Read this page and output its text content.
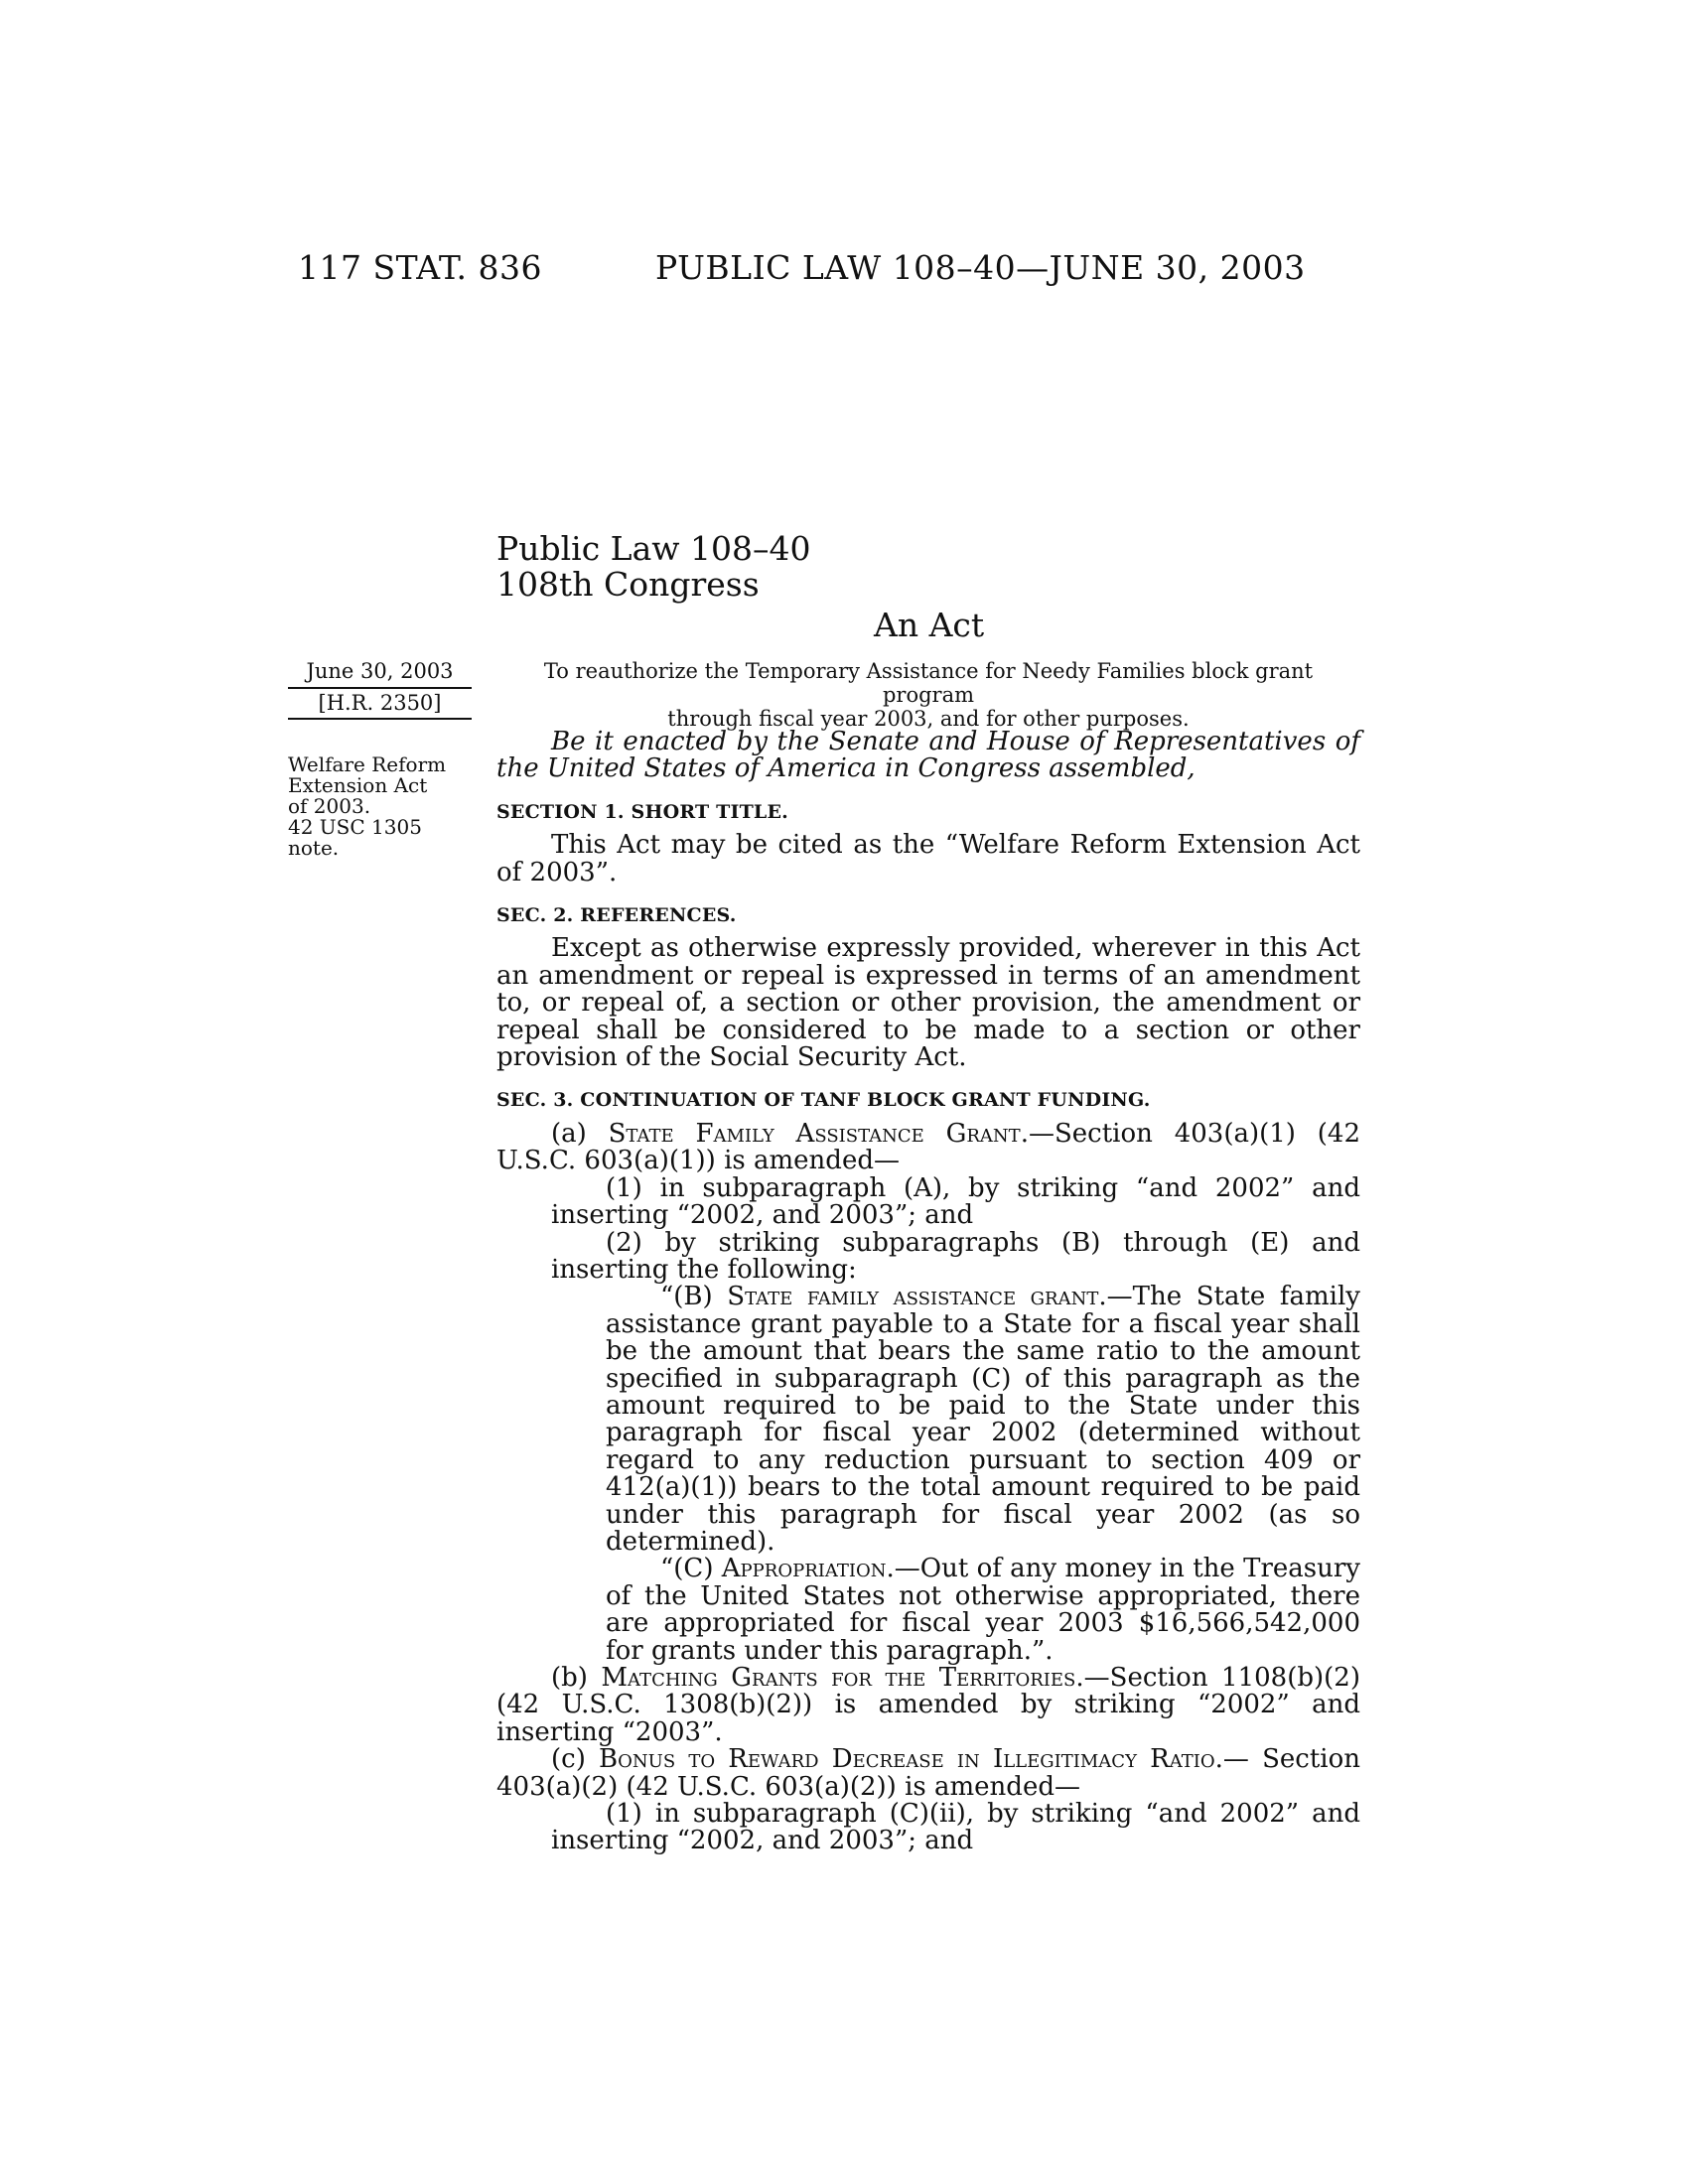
117 STAT. 836	PUBLIC LAW 108–40—JUNE 30, 2003
Public Law 108–40
108th Congress
An Act
June 30, 2003
[H.R. 2350]
Welfare Reform
Extension Act
of 2003.
42 USC 1305
note.
To reauthorize the Temporary Assistance for Needy Families block grant program
through fiscal year 2003, and for other purposes.

Be it enacted by the Senate and House of Representatives of the United States of America in Congress assembled,

SECTION 1. SHORT TITLE.

This Act may be cited as the “Welfare Reform Extension Act of 2003”.

SEC. 2. REFERENCES.

Except as otherwise expressly provided, wherever in this Act an amendment or repeal is expressed in terms of an amendment to, or repeal of, a section or other provision, the amendment or repeal shall be considered to be made to a section or other provision of the Social Security Act.

SEC. 3. CONTINUATION OF TANF BLOCK GRANT FUNDING.

(a) State Family Assistance Grant.—Section 403(a)(1) (42 U.S.C. 603(a)(1)) is amended—

(1) in subparagraph (A), by striking “and 2002” and inserting “2002, and 2003”; and

(2) by striking subparagraphs (B) through (E) and inserting the following:

“(B) State family assistance grant.—The State family assistance grant payable to a State for a fiscal year shall be the amount that bears the same ratio to the amount specified in subparagraph (C) of this paragraph as the amount required to be paid to the State under this paragraph for fiscal year 2002 (determined without regard to any reduction pursuant to section 409 or 412(a)(1)) bears to the total amount required to be paid under this paragraph for fiscal year 2002 (as so determined).

“(C) Appropriation.—Out of any money in the Treasury of the United States not otherwise appropriated, there are appropriated for fiscal year 2003 $16,566,542,000 for grants under this paragraph.”.

(b) Matching Grants for the Territories.—Section 1108(b)(2) (42 U.S.C. 1308(b)(2)) is amended by striking “2002” and inserting “2003”.

(c) Bonus to Reward Decrease in Illegitimacy Ratio.— Section 403(a)(2) (42 U.S.C. 603(a)(2)) is amended—

(1) in subparagraph (C)(ii), by striking “and 2002” and inserting “2002, and 2003”; and
